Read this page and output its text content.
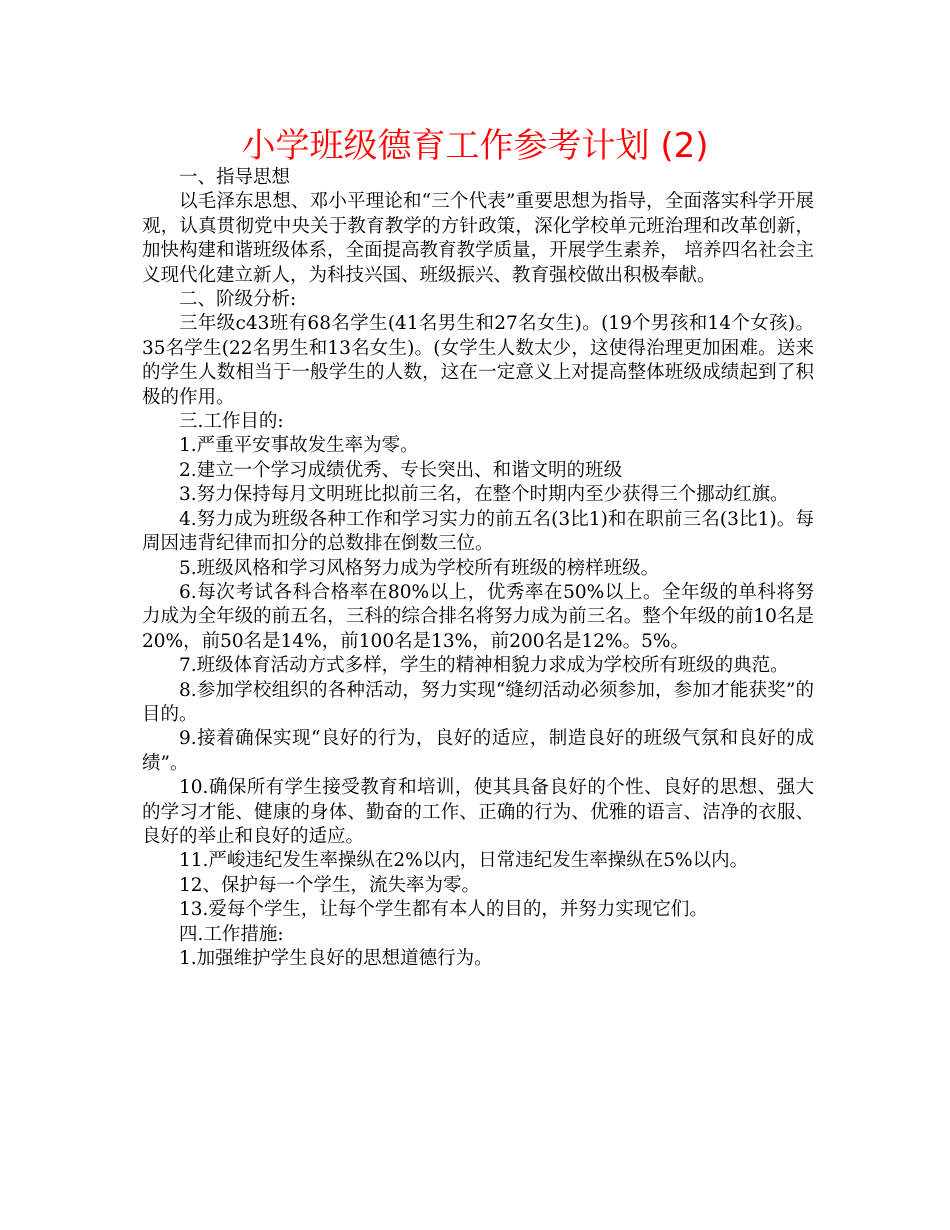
小学班级德育工作参考计划 (2)

一、指导思想

以毛泽东思想、邓小平理论和“三个代表”重要思想为指导，全面落实科学开展观，认真贯彻党中央关于教育教学的方针政策，深化学校单元班治理和改革创新，加快构建和谐班级体系，全面提高教育教学质量，开展学生素养， 培养四名社会主义现代化建立新人，为科技兴国、班级振兴、教育强校做出积极奉献。

二、阶级分析:

三年级c43班有68名学生(41名男生和27名女生)。(19个男孩和14个女孩)。35名学生(22名男生和13名女生)。(女学生人数太少，这使得治理更加困难。送来的学生人数相当于一般学生的人数，这在一定意义上对提高整体班级成绩起到了积极的作用。

三.工作目的:

1.严重平安事故发生率为零。

2.建立一个学习成绩优秀、专长突出、和谐文明的班级

3.努力保持每月文明班比拟前三名，在整个时期内至少获得三个挪动红旗。

4.努力成为班级各种工作和学习实力的前五名(3比1)和在职前三名(3比1)。每周因违背纪律而扣分的总数排在倒数三位。

5.班级风格和学习风格努力成为学校所有班级的榜样班级。

6.每次考试各科合格率在80%以上，优秀率在50%以上。全年级的单科将努力成为全年级的前五名，三科的综合排名将努力成为前三名。整个年级的前10名是20%，前50名是14%，前100名是13%，前200名是12%。5%。

7.班级体育活动方式多样，学生的精神相貌力求成为学校所有班级的典范。

8.参加学校组织的各种活动，努力实现“缝纫活动必须参加，参加才能获奖”的目的。

9.接着确保实现“良好的行为，良好的适应，制造良好的班级气氛和良好的成绩”。

10.确保所有学生接受教育和培训，使其具备良好的个性、良好的思想、强大的学习才能、健康的身体、勤奋的工作、正确的行为、优雅的语言、洁净的衣服、良好的举止和良好的适应。

11.严峻违纪发生率操纵在2%以内，日常违纪发生率操纵在5%以内。

12、保护每一个学生，流失率为零。

13.爱每个学生，让每个学生都有本人的目的，并努力实现它们。

四.工作措施:

1.加强维护学生良好的思想道德行为。
